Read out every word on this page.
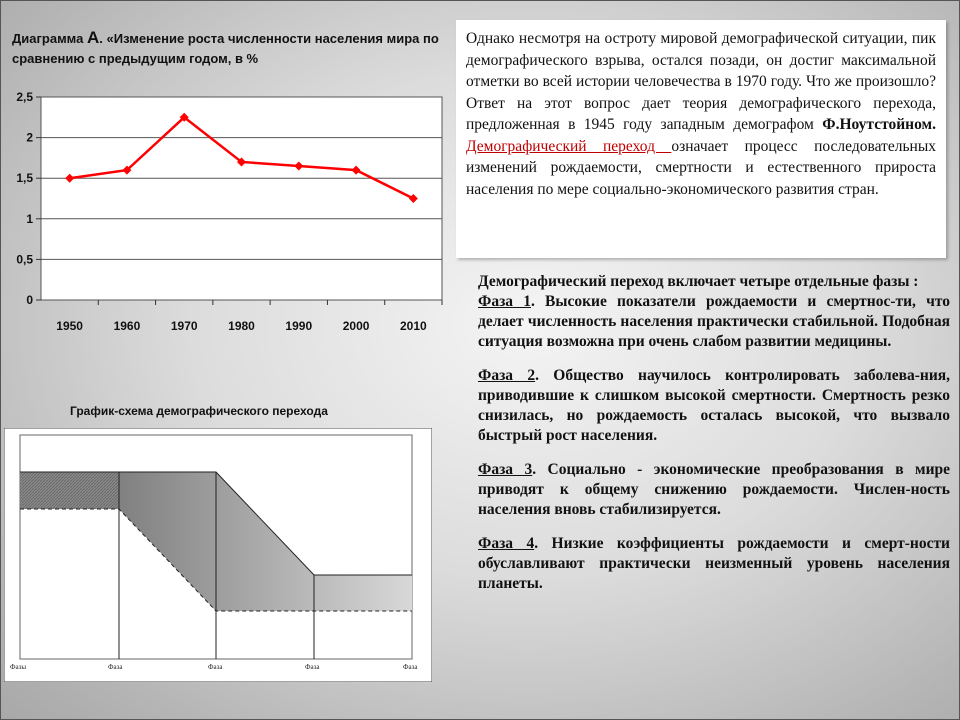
Диаграмма А. «Изменение роста численности населения мира по сравнению с предыдущим годом, в %
0
0,5
1
1,5
2
2,5
1950	1960	1970	1980	1990	2000	2010
График-схема демографического перехода
Фазы	Фаза	Фаза	Фаза	Фаза
Однако несмотря на остроту мировой демографической ситуации, пик демографического взрыва, остался позади, он достиг максимальной отметки во всей истории человечества в 1970 году. Что же произошло? Ответ на этот вопрос дает теория демографического перехода, предложенная в 1945 году западным демографом Ф.Ноутстойном. Демографический переход означает процесс последовательных изменений рождаемости, смертности и естественного прироста населения по мере социально-экономического развития стран.

Демографический переход включает четыре отдельные фазы :

Фаза 1. Высокие показатели рождаемости и смертнос-ти, что делает численность населения практически стабильной. Подобная ситуация возможна при очень слабом развитии медицины.

Фаза 2. Общество научилось контролировать заболева-ния, приводившие к слишком высокой смертности. Смертность резко снизилась, но рождаемость осталась высокой, что вызвало быстрый рост населения.

Фаза 3. Социально - экономические преобразования в мире приводят к общему снижению рождаемости. Числен-ность населения вновь стабилизируется.

Фаза 4. Низкие коэффициенты рождаемости и смерт-ности обуславливают практически неизменный уровень населения планеты.
